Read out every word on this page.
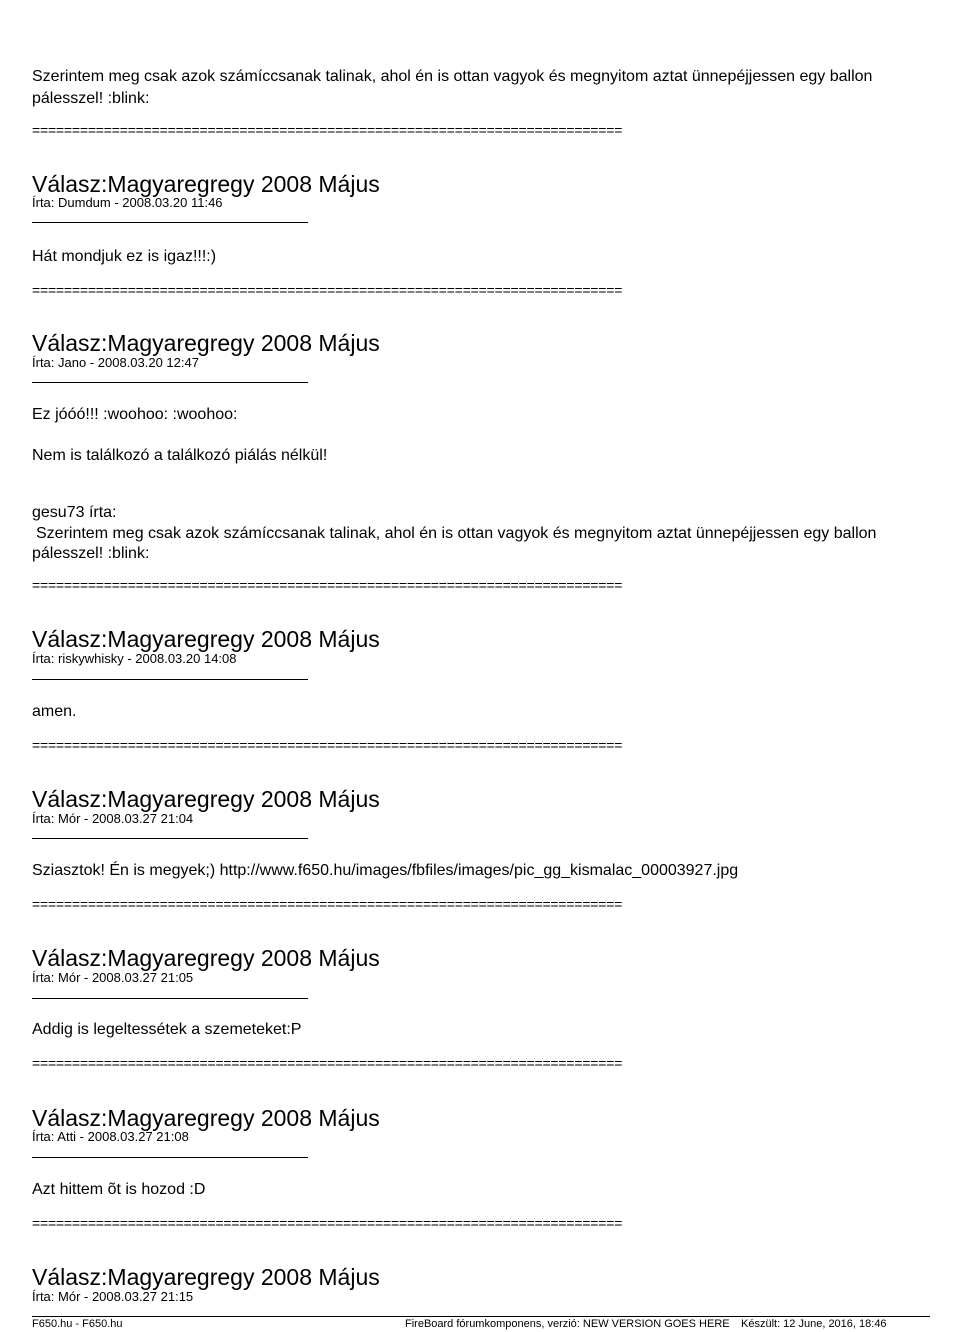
Szerintem meg csak azok számíccsanak talinak, ahol én is ottan vagyok és megnyitom aztat ünnepéjjessen egy ballon
pálesszel! :blink:
==========================================================================
Válasz:Magyaregregy 2008 Május
Írta: Dumdum - 2008.03.20 11:46
Hát mondjuk ez is igaz!!!:)
==========================================================================
Válasz:Magyaregregy 2008 Május
Írta: Jano - 2008.03.20 12:47
Ez jóóó!!! :woohoo: :woohoo:
Nem is találkozó a találkozó piálás nélkül!
gesu73 írta:
Szerintem meg csak azok számíccsanak talinak, ahol én is ottan vagyok és megnyitom aztat ünnepéjjessen egy ballon
pálesszel! :blink:
==========================================================================
Válasz:Magyaregregy 2008 Május
Írta: riskywhisky - 2008.03.20 14:08
amen.
==========================================================================
Válasz:Magyaregregy 2008 Május
Írta: Mór - 2008.03.27 21:04
Sziasztok! Én is megyek;) http://www.f650.hu/images/fbfiles/images/pic_gg_kismalac_00003927.jpg
==========================================================================
Válasz:Magyaregregy 2008 Május
Írta: Mór - 2008.03.27 21:05
Addig is legeltessétek a szemeteket:P
==========================================================================
Válasz:Magyaregregy 2008 Május
Írta: Atti - 2008.03.27 21:08
Azt hittem õt is hozod :D
==========================================================================
Válasz:Magyaregregy 2008 Május
Írta: Mór - 2008.03.27 21:15
F650.hu - F650.hu	FireBoard fórumkomponens, verzió: NEW VERSION GOES HERE Készült: 12 June, 2016, 18:46
